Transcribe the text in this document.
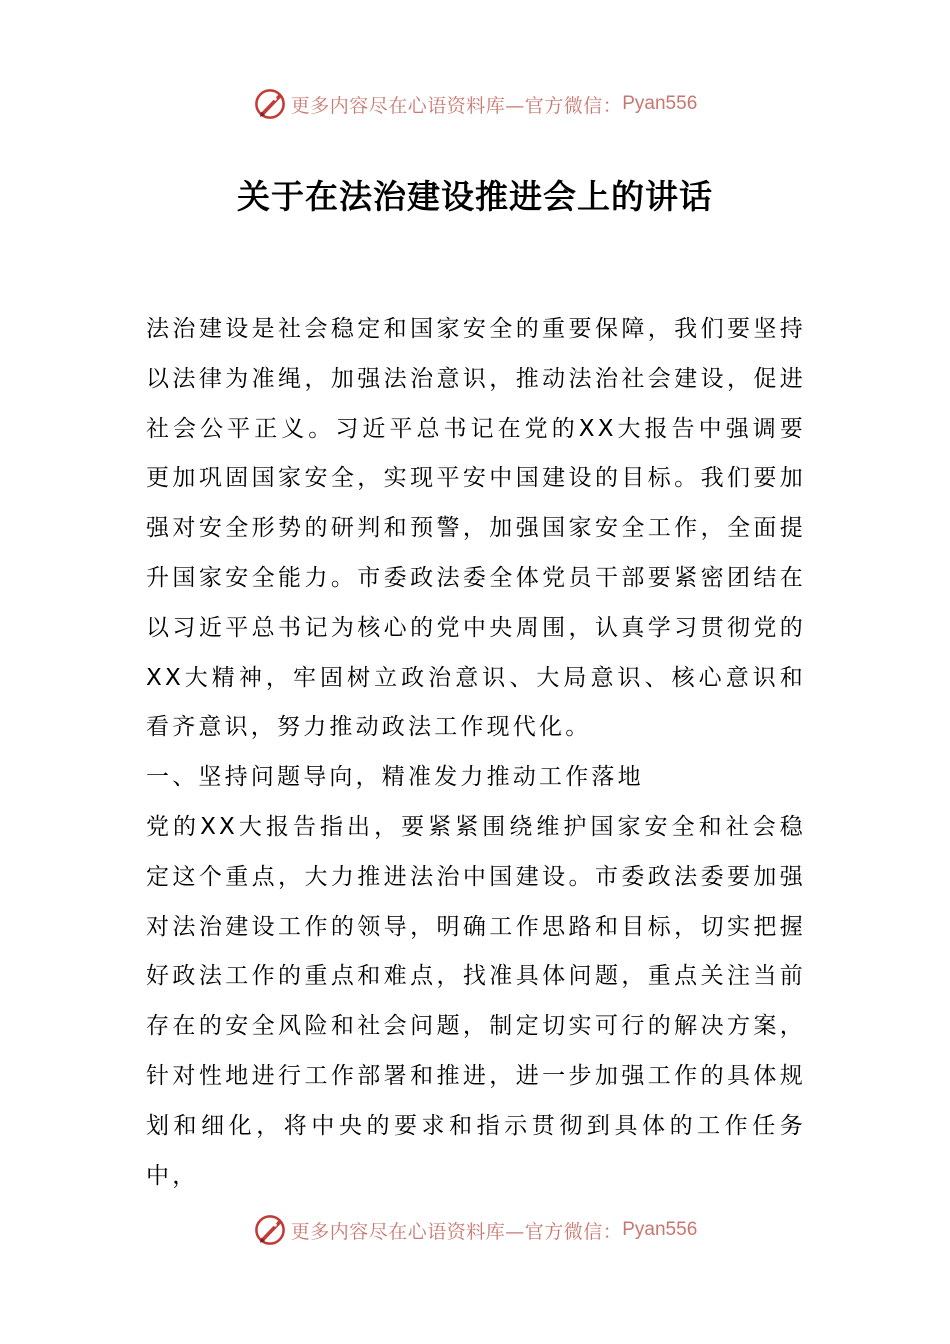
更多内容尽在心语资料库—官方微信： Pyan556
关于在法治建设推进会上的讲话

法治建设是社会稳定和国家安全的重要保障，我们要坚持以法律为准绳，加强法治意识，推动法治社会建设，促进社会公平正义。习近平总书记在党的XX大报告中强调要更加巩固国家安全，实现平安中国建设的目标。我们要加强对安全形势的研判和预警，加强国家安全工作，全面提升国家安全能力。市委政法委全体党员干部要紧密团结在以习近平总书记为核心的党中央周围，认真学习贯彻党的XX大精神，牢固树立政治意识、大局意识、核心意识和看齐意识，努力推动政法工作现代化。

一、坚持问题导向，精准发力推动工作落地

党的XX大报告指出，要紧紧围绕维护国家安全和社会稳定这个重点，大力推进法治中国建设。市委政法委要加强对法治建设工作的领导，明确工作思路和目标，切实把握好政法工作的重点和难点，找准具体问题，重点关注当前存在的安全风险和社会问题，制定切实可行的解决方案，针对性地进行工作部署和推进，进一步加强工作的具体规划和细化，将中央的要求和指示贯彻到具体的工作任务中，

更多内容尽在心语资料库—官方微信： Pyan556
